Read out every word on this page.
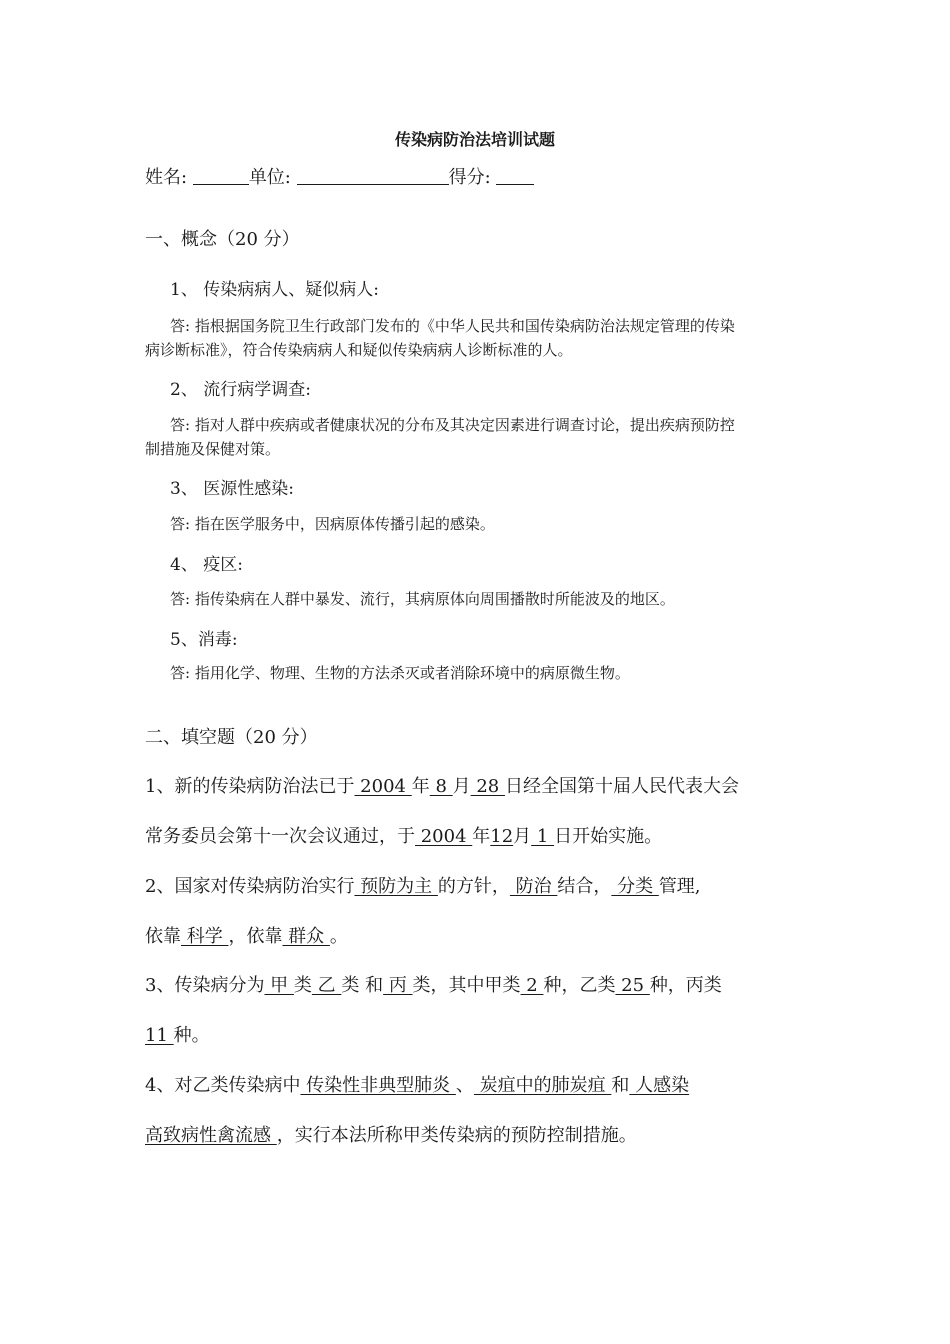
传染病防治法培训试题
姓名:	单位:	得分:
一、概念（20 分）
1、 传染病病人、疑似病人:
答: 指根据国务院卫生行政部门发布的《中华人民共和国传染病防治法规定管理的传染
病诊断标准》，符合传染病病人和疑似传染病病人诊断标准的人。
2、 流行病学调查:
答: 指对人群中疾病或者健康状况的分布及其决定因素进行调查讨论，提出疾病预防控
制措施及保健对策。
3、 医源性感染:
答: 指在医学服务中，因病原体传播引起的感染。
4、 疫区:
答: 指传染病在人群中暴发、流行，其病原体向周围播散时所能波及的地区。
5、消毒:
答: 指用化学、物理、生物的方法杀灭或者消除环境中的病原微生物。
二、填空题（20 分）
1、新的传染病防治法已于 2004 年 8 月 28 日经全国第十届人民代表大会
常务委员会第十一次会议通过，于 2004 年12月 1 日开始实施。
2、国家对传染病防治实行 预防为主 的方针， 防治 结合， 分类 管理,
依靠 科学 ，依靠 群众 。
3、传染病分为 甲 类 乙 类 和 丙 类，其中甲类 2 种，乙类 25 种，丙类
11 种。
4、对乙类传染病中 传染性非典型肺炎 、 炭疽中的肺炭疽 和 人感染
高致病性禽流感 ，实行本法所称甲类传染病的预防控制措施。
